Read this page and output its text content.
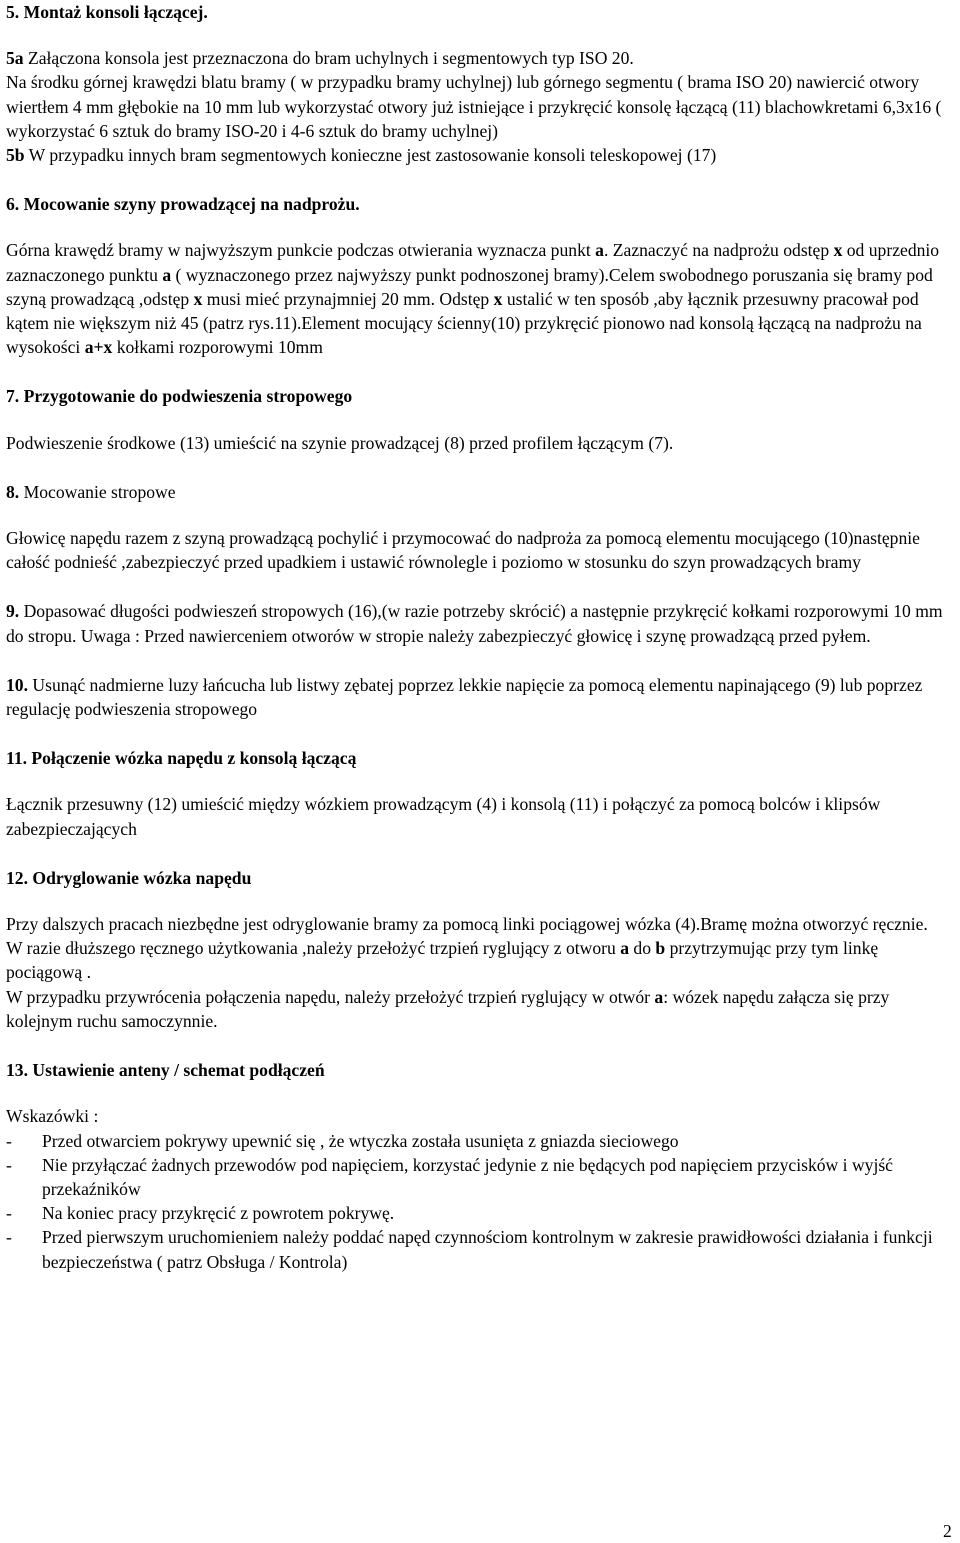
5. Montaż konsoli łączącej.

5a Załączona konsola jest przeznaczona do bram uchylnych i segmentowych typ ISO 20.

Na środku górnej krawędzi blatu bramy ( w przypadku bramy uchylnej) lub górnego segmentu ( brama ISO 20) nawiercić otwory wiertłem 4 mm głębokie na 10 mm lub wykorzystać otwory już istniejące i przykręcić konsolę łączącą (11) blachowkretami 6,3x16 ( wykorzystać 6 sztuk do bramy ISO-20 i 4-6 sztuk do bramy uchylnej)

5b W przypadku innych bram segmentowych konieczne jest zastosowanie konsoli teleskopowej (17)

6. Mocowanie szyny prowadzącej na nadprożu.

Górna krawędź bramy w najwyższym punkcie podczas otwierania wyznacza punkt a. Zaznaczyć na nadprożu odstęp x od uprzednio zaznaczonego punktu a ( wyznaczonego przez najwyższy punkt podnoszonej bramy).Celem swobodnego poruszania się bramy pod szyną prowadzącą ,odstęp x musi mieć przynajmniej 20 mm. Odstęp x ustalić w ten sposób ,aby łącznik przesuwny pracował pod kątem nie większym niż 45 (patrz rys.11).Element mocujący ścienny(10) przykręcić pionowo nad konsolą łączącą na nadprożu na wysokości a+x kołkami rozporowymi 10mm

7. Przygotowanie do podwieszenia stropowego

Podwieszenie środkowe (13) umieścić na szynie prowadzącej (8) przed profilem łączącym (7).

8. Mocowanie stropowe

Głowicę napędu razem z szyną prowadzącą pochylić i przymocować do nadproża za pomocą elementu mocującego (10)następnie całość podnieść ,zabezpieczyć przed upadkiem i ustawić równolegle i poziomo w stosunku do szyn prowadzących bramy

9. Dopasować długości podwieszeń stropowych (16),(w razie potrzeby skrócić) a następnie przykręcić kołkami rozporowymi 10 mm do stropu. Uwaga : Przed nawierceniem otworów w stropie należy zabezpieczyć głowicę i szynę prowadzącą przed pyłem.

10. Usunąć nadmierne luzy łańcucha lub listwy zębatej poprzez lekkie napięcie za pomocą elementu napinającego (9) lub poprzez regulację podwieszenia stropowego

11. Połączenie wózka napędu z konsolą łączącą

Łącznik przesuwny (12) umieścić między wózkiem prowadzącym (4) i konsolą (11) i połączyć za pomocą bolców i klipsów zabezpieczających

12. Odryglowanie wózka napędu

Przy dalszych pracach niezbędne jest odryglowanie bramy za pomocą linki pociągowej wózka (4).Bramę można otworzyć ręcznie.

W razie dłuższego ręcznego użytkowania ,należy przełożyć trzpień ryglujący z otworu a do b przytrzymując przy tym linkę pociągową .

W przypadku przywrócenia połączenia napędu, należy przełożyć trzpień ryglujący w otwór a: wózek napędu załącza się przy kolejnym ruchu samoczynnie.

13. Ustawienie anteny / schemat podłączeń

Wskazówki :

-	Przed otwarciem pokrywy upewnić się , że wtyczka została usunięta z gniazda sieciowego
-	Nie przyłączać żadnych przewodów pod napięciem, korzystać jedynie z nie będących pod napięciem przycisków i wyjść przekaźników
-	Na koniec pracy przykręcić z powrotem pokrywę.
-	Przed pierwszym uruchomieniem należy poddać napęd czynnościom kontrolnym w zakresie prawidłowości działania i funkcji bezpieczeństwa ( patrz Obsługa / Kontrola)
2
